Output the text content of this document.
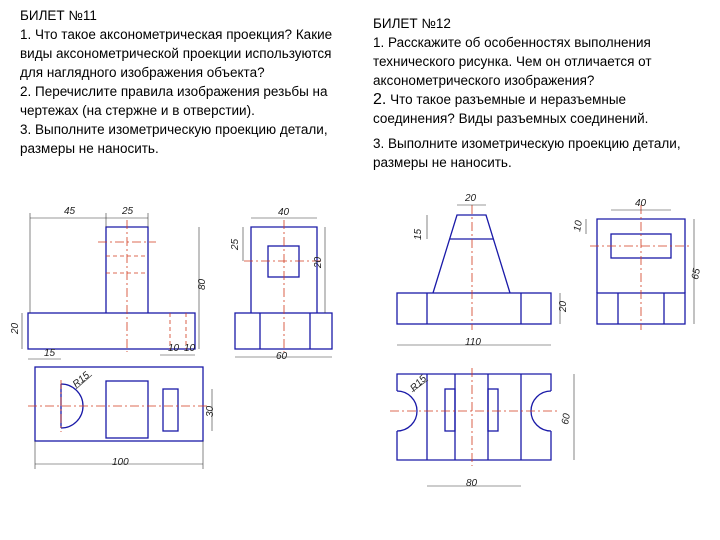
БИЛЕТ №11

1. Что такое аксонометрическая проекция? Какие виды аксонометрической проекции используются для наглядного изображения объекта?

2. Перечислите правила изображения резьбы на чертежах (на стержне и в отверстии).

3. Выполните изометрическую проекцию детали, размеры не наносить.

БИЛЕТ №12

1. Расскажите об особенностях выполнения технического рисунка. Чем он отличается от аксонометрического изображения?

2. Что такое разъемные и неразъемные соединения? Виды разъемных соединений.

3. Выполните изометрическую проекцию детали, размеры не наносить.

45	25	40
25
20
80
20
15	10 10
60
R15
30
100
20
15
20
110
40
10
65
R15
60
80
